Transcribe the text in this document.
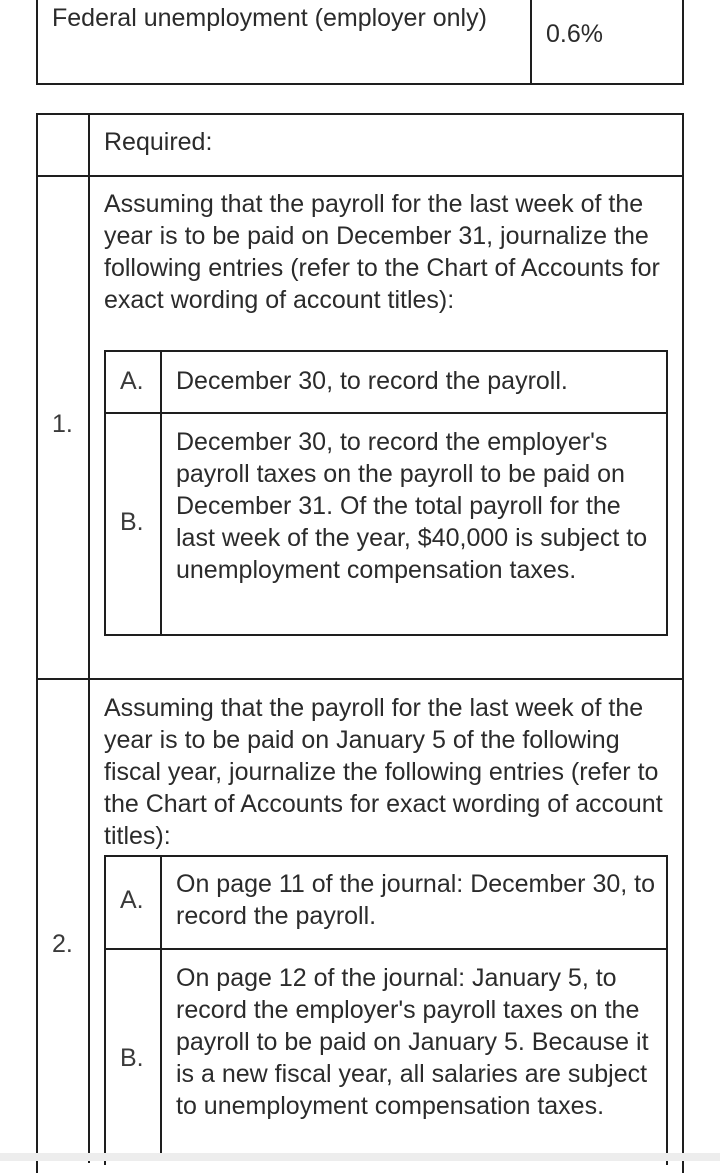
Federal unemployment (employer only)
0.6%
Required:
1.
Assuming that the payroll for the last week of the year is to be paid on December 31, journalize the following entries (refer to the Chart of Accounts for exact wording of account titles):
A. December 30, to record the payroll.
B.
December 30, to record the employer's payroll taxes on the payroll to be paid on December 31. Of the total payroll for the last week of the year, $40,000 is subject to unemployment compensation taxes.
2.
Assuming that the payroll for the last week of the year is to be paid on January 5 of the following fiscal year, journalize the following entries (refer to the Chart of Accounts for exact wording of account titles):
A.
On page 11 of the journal: December 30, to record the payroll.
B.
On page 12 of the journal: January 5, to record the employer's payroll taxes on the payroll to be paid on January 5. Because it is a new fiscal year, all salaries are subject to unemployment compensation taxes.
